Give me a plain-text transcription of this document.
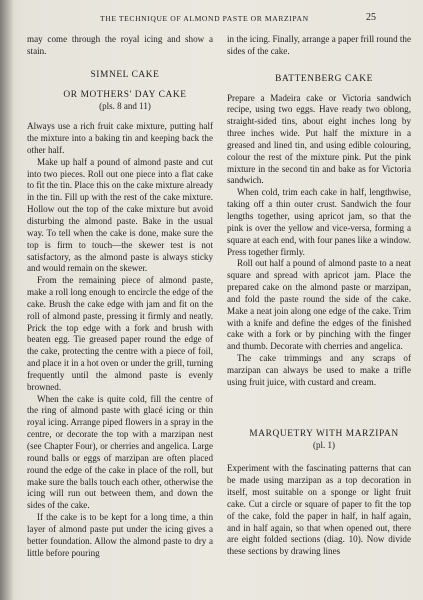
THE TECHNIQUE OF ALMOND PASTE OR MARZIPAN	25

may come through the royal icing and show a stain.

SIMNEL CAKE

OR MOTHERS' DAY CAKE

(pls. 8 and 11)

Always use a rich fruit cake mixture, putting half the mixture into a baking tin and keeping back the other half.

Make up half a pound of almond paste and cut into two pieces. Roll out one piece into a flat cake to fit the tin. Place this on the cake mixture already in the tin. Fill up with the rest of the cake mixture. Hollow out the top of the cake mixture but avoid disturbing the almond paste. Bake in the usual way. To tell when the cake is done, make sure the top is firm to touch—the skewer test is not satisfactory, as the almond paste is always sticky and would remain on the skewer.

From the remaining piece of almond paste, make a roll long enough to encircle the edge of the cake. Brush the cake edge with jam and fit on the roll of almond paste, pressing it firmly and neatly. Prick the top edge with a fork and brush with beaten egg. Tie greased paper round the edge of the cake, protecting the centre with a piece of foil, and place it in a hot oven or under the grill, turning frequently until the almond paste is evenly browned.

When the cake is quite cold, fill the centre of the ring of almond paste with glacé icing or thin royal icing. Arrange piped flowers in a spray in the centre, or decorate the top with a marzipan nest (see Chapter Four), or cherries and angelica. Large round balls or eggs of marzipan are often placed round the edge of the cake in place of the roll, but make sure the balls touch each other, otherwise the icing will run out between them, and down the sides of the cake.

If the cake is to be kept for a long time, a thin layer of almond paste put under the icing gives a better foundation. Allow the almond paste to dry a little before pouring

in the icing. Finally, arrange a paper frill round the sides of the cake.

BATTENBERG CAKE

Prepare a Madeira cake or Victoria sandwich recipe, using two eggs. Have ready two oblong, straight-sided tins, about eight inches long by three inches wide. Put half the mixture in a greased and lined tin, and using edible colouring, colour the rest of the mixture pink. Put the pink mixture in the second tin and bake as for Victoria sandwich.

When cold, trim each cake in half, lengthwise, taking off a thin outer crust. Sandwich the four lengths together, using apricot jam, so that the pink is over the yellow and vice-versa, forming a square at each end, with four panes like a window. Press together firmly.

Roll out half a pound of almond paste to a neat square and spread with apricot jam. Place the prepared cake on the almond paste or marzipan, and fold the paste round the side of the cake. Make a neat join along one edge of the cake. Trim with a knife and define the edges of the finished cake with a fork or by pinching with the finger and thumb. Decorate with cherries and angelica.

The cake trimmings and any scraps of marzipan can always be used to make a trifle using fruit juice, with custard and cream.

MARQUETRY WITH MARZIPAN

(pl. 1)

Experiment with the fascinating patterns that can be made using marzipan as a top decoration in itself, most suitable on a sponge or light fruit cake. Cut a circle or square of paper to fit the top of the cake, fold the paper in half, in half again, and in half again, so that when opened out, there are eight folded sections (diag. 10). Now divide these sections by drawing lines
